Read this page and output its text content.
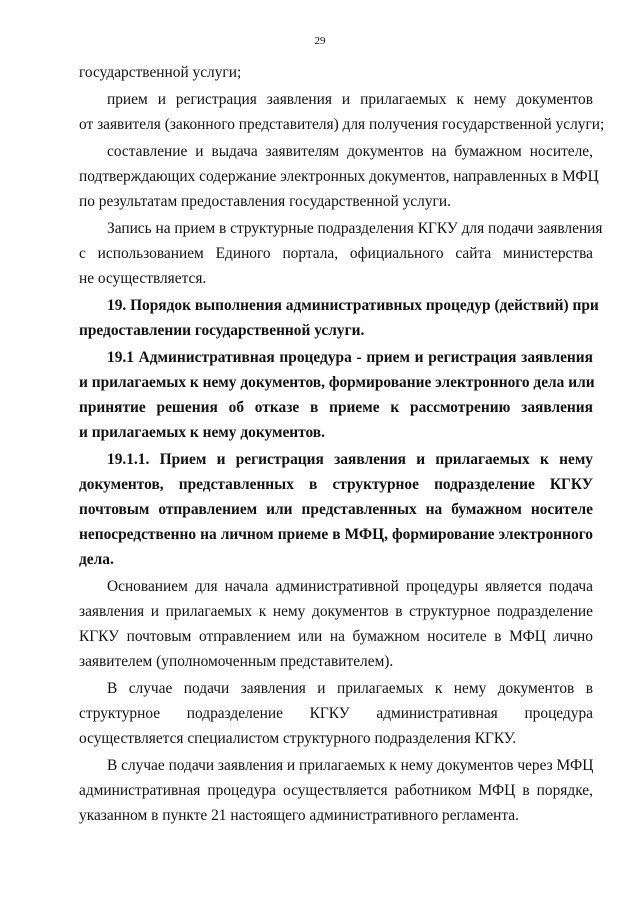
29
государственной услуги;
прием и регистрация заявления и прилагаемых к нему документов
от заявителя (законного представителя) для получения государственной услуги;
составление и выдача заявителям документов на бумажном носителе,
подтверждающих содержание электронных документов, направленных в МФЦ
по результатам предоставления государственной услуги.
Запись на прием в структурные подразделения КГКУ для подачи заявления
с использованием Единого портала, официального сайта министерства
не осуществляется.
19. Порядок выполнения административных процедур (действий) при
предоставлении государственной услуги.
19.1 Административная процедура - прием и регистрация заявления
и прилагаемых к нему документов, формирование электронного дела или
принятие решения об отказе в приеме к рассмотрению заявления
и прилагаемых к нему документов.
19.1.1. Прием и регистрация заявления и прилагаемых к нему
документов, представленных в структурное подразделение КГКУ
почтовым отправлением или представленных на бумажном носителе
непосредственно на личном приеме в МФЦ, формирование электронного
дела.
Основанием для начала административной процедуры является подача
заявления и прилагаемых к нему документов в структурное подразделение
КГКУ почтовым отправлением или на бумажном носителе в МФЦ лично
заявителем (уполномоченным представителем).
В случае подачи заявления и прилагаемых к нему документов в
структурное подразделение КГКУ административная процедура
осуществляется специалистом структурного подразделения КГКУ.
В случае подачи заявления и прилагаемых к нему документов через МФЦ
административная процедура осуществляется работником МФЦ в порядке,
указанном в пункте 21 настоящего административного регламента.
